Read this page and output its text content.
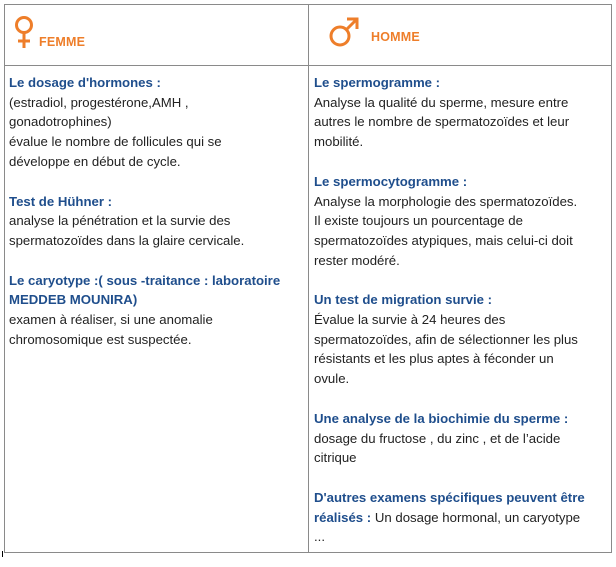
FEMME	HOMME
Le dosage d'hormones :
(estradiol, progestérone,AMH ,
gonadotrophines)
évalue le nombre de follicules qui se
développe en début de cycle.
Test de Hühner :
analyse la pénétration et la survie des
spermatozoïdes dans la glaire cervicale.
Le caryotype :( sous -traitance : laboratoire
MEDDEB MOUNIRA)
examen à réaliser, si une anomalie
chromosomique est suspectée.
Le spermogramme :
Analyse la qualité du sperme, mesure entre
autres le nombre de spermatozoïdes et leur
mobilité.
Le spermocytogramme :
Analyse la morphologie des spermatozoïdes.
Il existe toujours un pourcentage de
spermatozoïdes atypiques, mais celui-ci doit
rester modéré.
Un test de migration survie :
Évalue la survie à 24 heures des
spermatozoïdes, afin de sélectionner les plus
résistants et les plus aptes à féconder un
ovule.
Une analyse de la biochimie du sperme :
dosage du fructose , du zinc , et de l’acide
citrique
D'autres examens spécifiques peuvent être
réalisés : Un dosage hormonal, un caryotype
...
